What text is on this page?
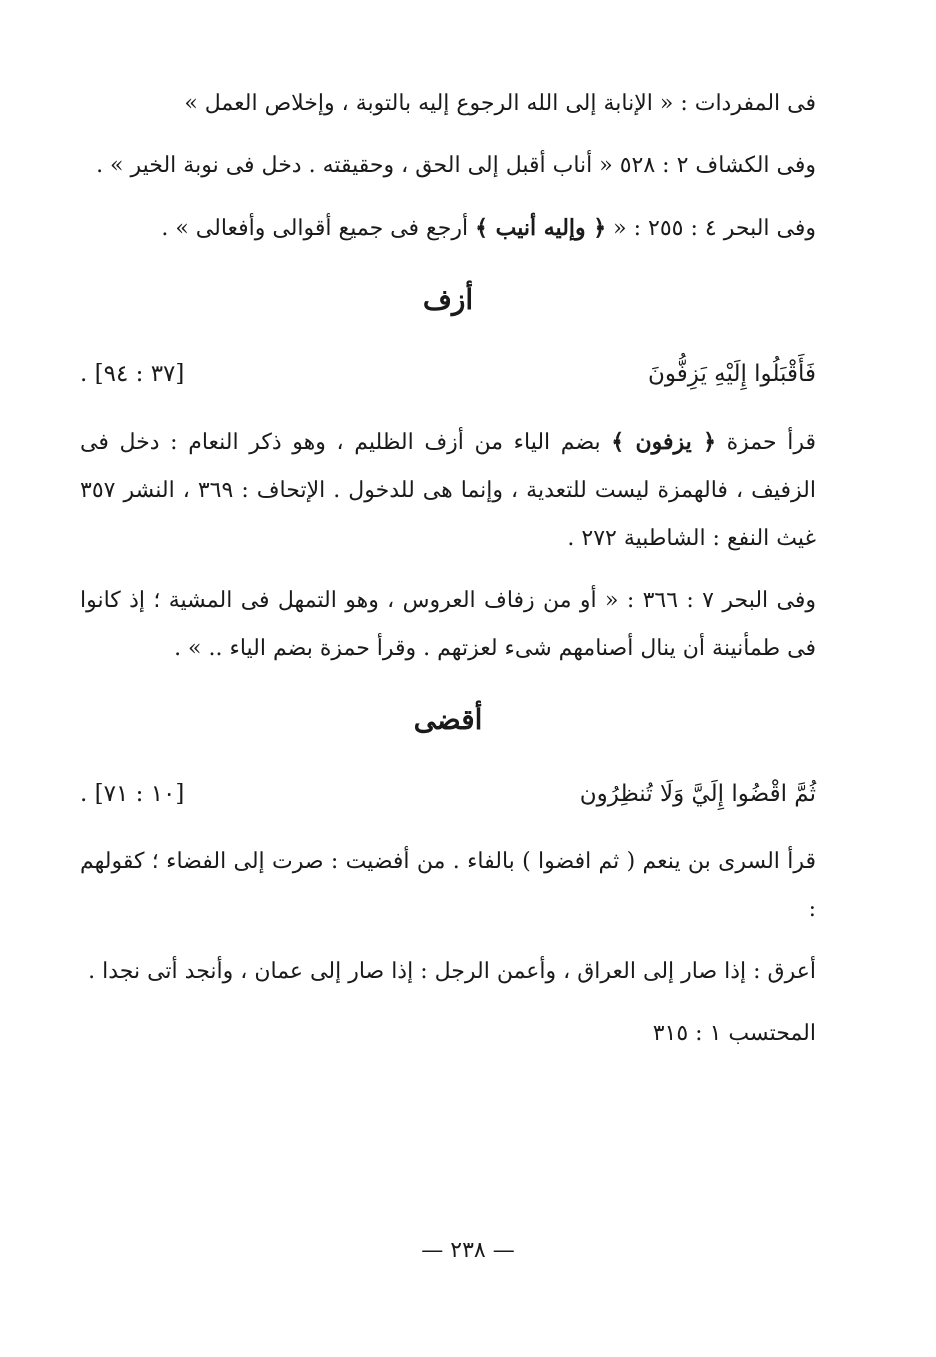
فى المفردات : « الإنابة إلى الله الرجوع إليه بالتوبة ، وإخلاص العمل »

وفى الكشاف ٢ : ٥٢٨ « أناب أقبل إلى الحق ، وحقيقته . دخل فى نوبة الخير » .

وفى البحر ٤ : ٢٥٥ : « ﴿ وإليه أنيب ﴾ أرجع فى جميع أقوالى وأفعالى » .

أزف
فَأَقْبَلُوا إِلَيْهِ يَزِفُّونَ
[٣٧ : ٩٤] .

قرأ حمزة ﴿ يزفون ﴾ بضم الياء من أزف الظليم ، وهو ذكر النعام : دخل فى الزفيف ، فالهمزة ليست للتعدية ، وإنما هى للدخول . الإتحاف : ٣٦٩ ، النشر ٣٥٧ غيث النفع : الشاطبية ٢٧٢ .

وفى البحر ٧ : ٣٦٦ : « أو من زفاف العروس ، وهو التمهل فى المشية ؛ إذ كانوا فى طمأنينة أن ينال أصنامهم شىء لعزتهم . وقرأ حمزة بضم الياء .. » .

أقضى
ثُمَّ اقْضُوا إِلَيَّ وَلَا تُنظِرُون
[١٠ : ٧١] .

قرأ السرى بن ينعم ( ثم افضوا ) بالفاء . من أفضيت : صرت إلى الفضاء ؛ كقولهم :

أعرق : إذا صار إلى العراق ، وأعمن الرجل : إذا صار إلى عمان ، وأنجد أتى نجدا .

المحتسب ١ : ٣١٥

— ٢٣٨ —
